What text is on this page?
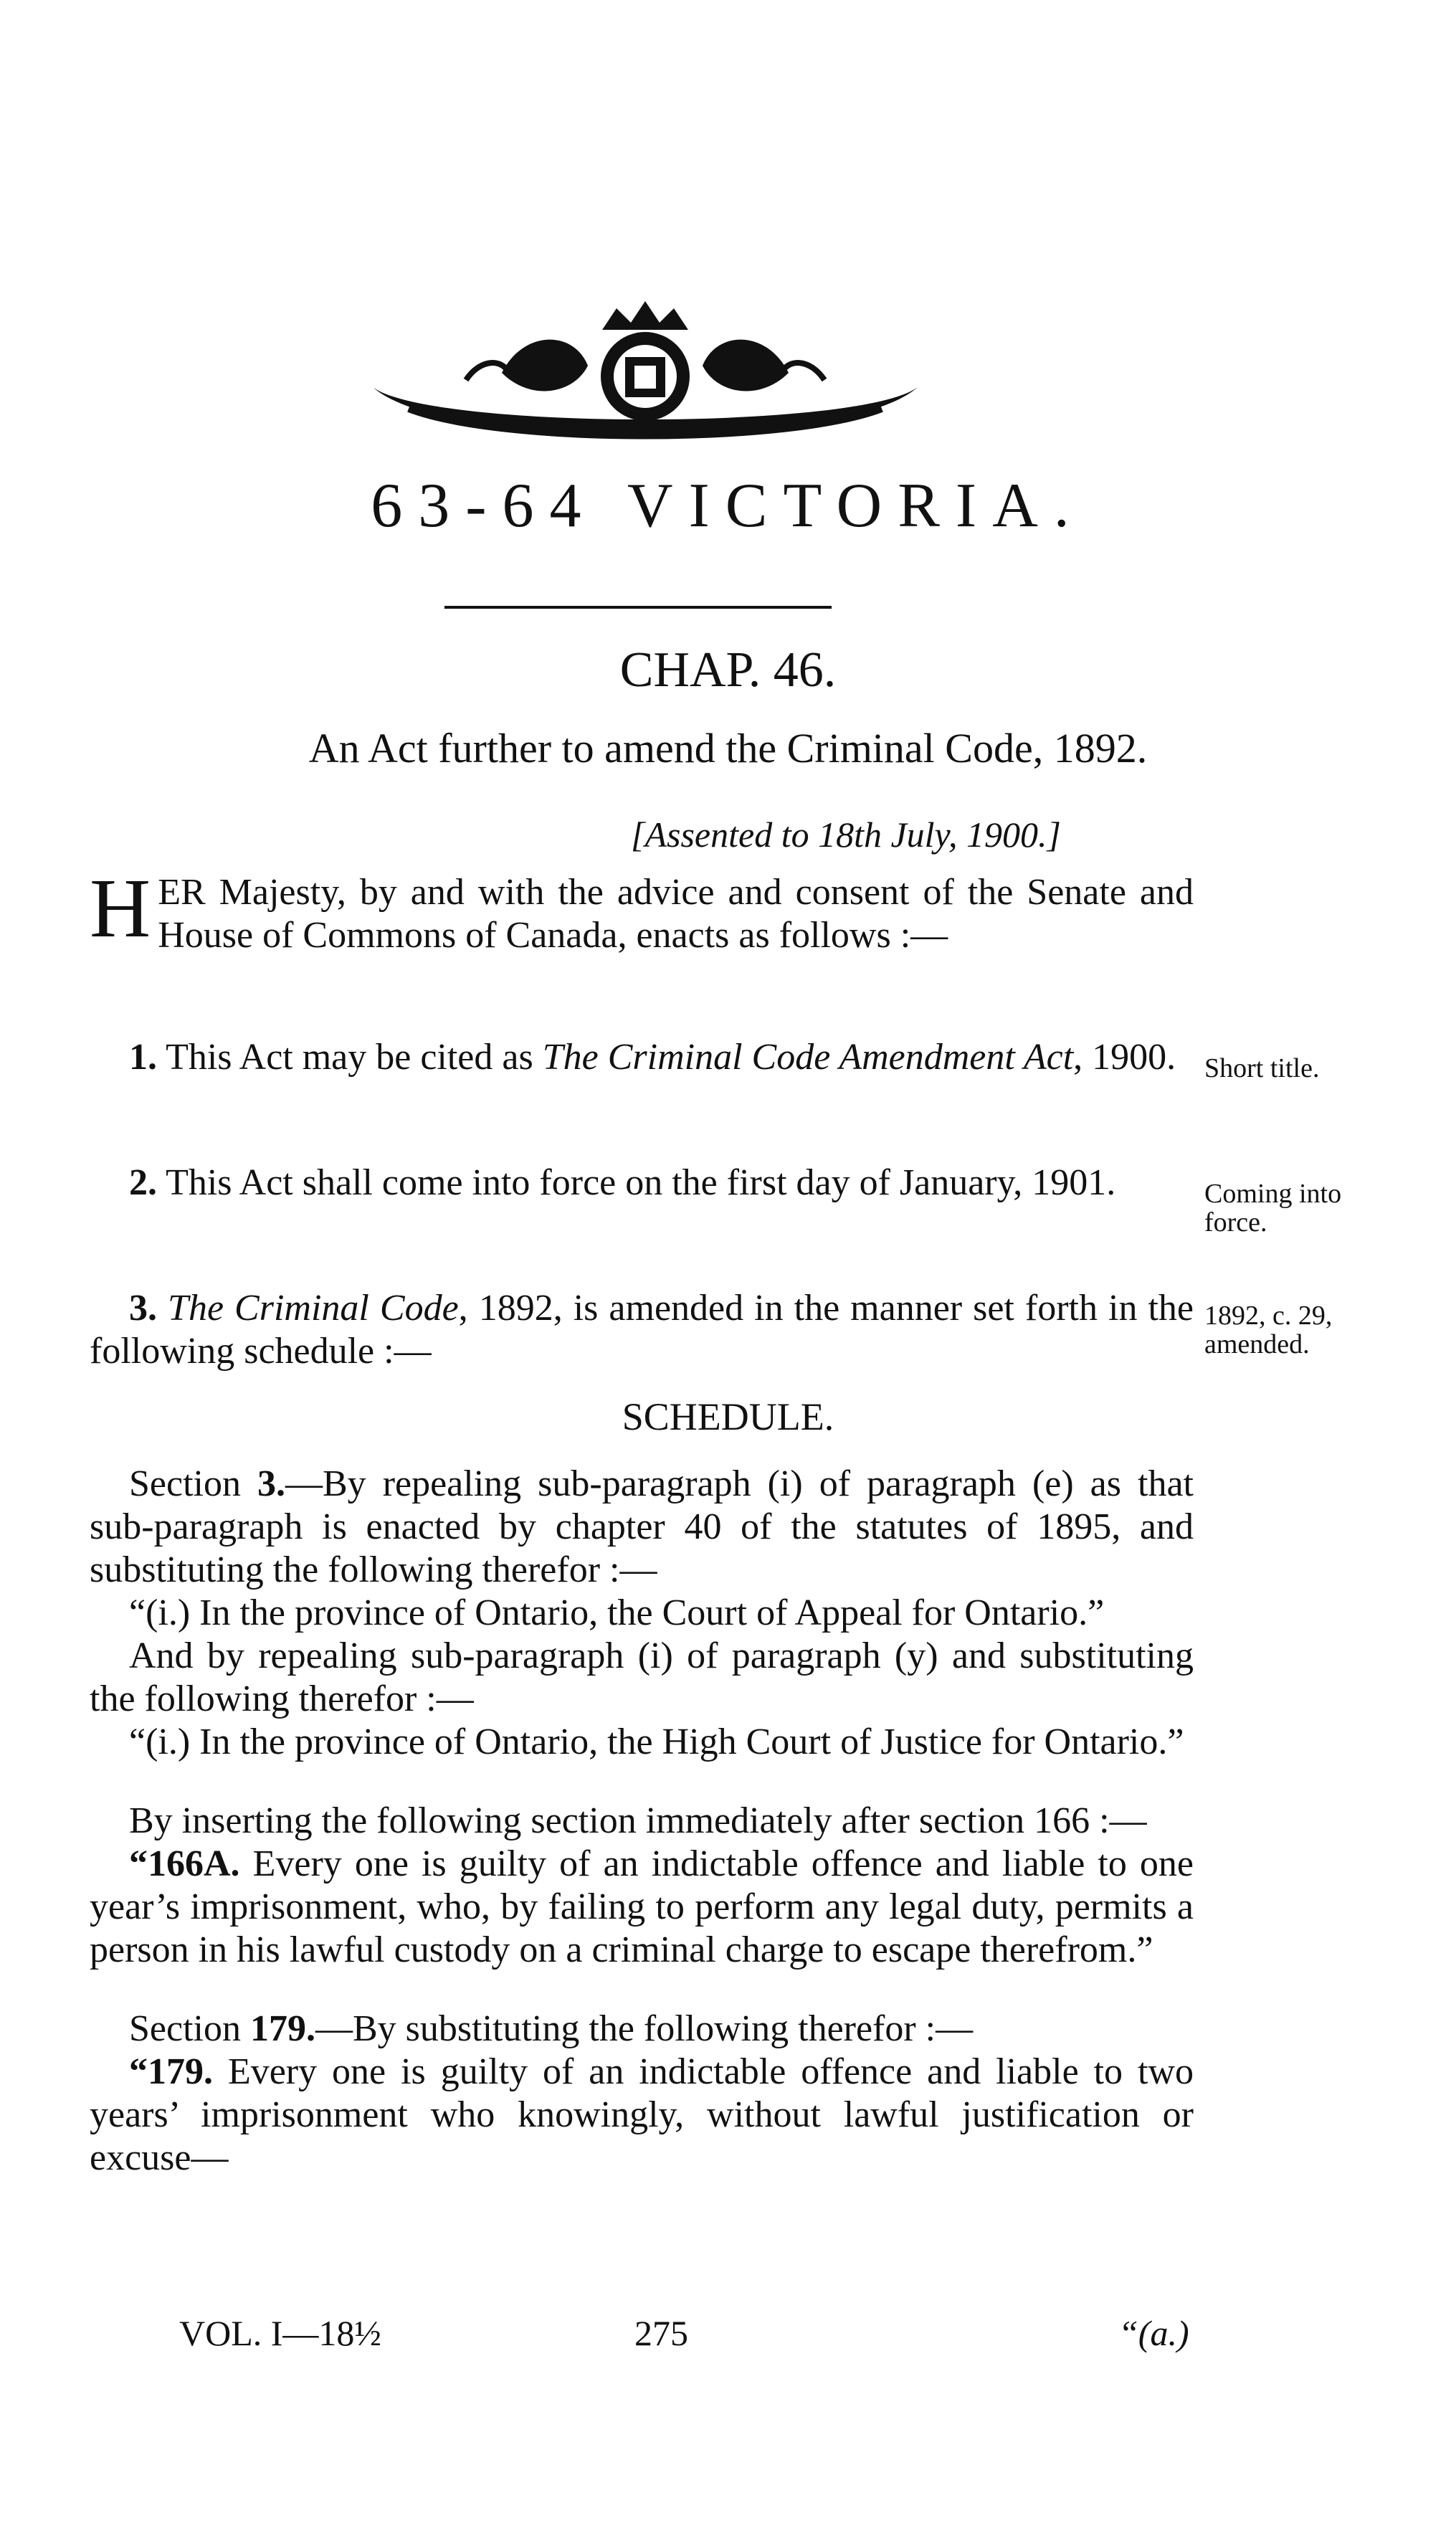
63-64 VICTORIA.
CHAP. 46.
An Act further to amend the Criminal Code, 1892.
[Assented to 18th July, 1900.]
HER Majesty, by and with the advice and consent of the Senate and House of Commons of Canada, enacts as follows :—
1. This Act may be cited as The Criminal Code Amendment Act, 1900.	Short title.
2. This Act shall come into force on the first day of January, 1901.	Coming into force.
3. The Criminal Code, 1892, is amended in the manner set forth in the following schedule :—
1892, c. 29, amended.
SCHEDULE.
Section 3.—By repealing sub-paragraph (i) of paragraph (e) as that sub-paragraph is enacted by chapter 40 of the statutes of 1895, and substituting the following therefor :—
“(i.) In the province of Ontario, the Court of Appeal for Ontario.”
And by repealing sub-paragraph (i) of paragraph (y) and substituting the following therefor :—
“(i.) In the province of Ontario, the High Court of Justice for Ontario.”
By inserting the following section immediately after section 166 :—
“166A. Every one is guilty of an indictable offence and liable to one year’s imprisonment, who, by failing to perform any legal duty, permits a person in his lawful custody on a criminal charge to escape therefrom.”
Section 179.—By substituting the following therefor :—
“179. Every one is guilty of an indictable offence and liable to two years’ imprisonment who knowingly, without lawful justification or excuse—
VOL. I—18½	275	“(a.)
